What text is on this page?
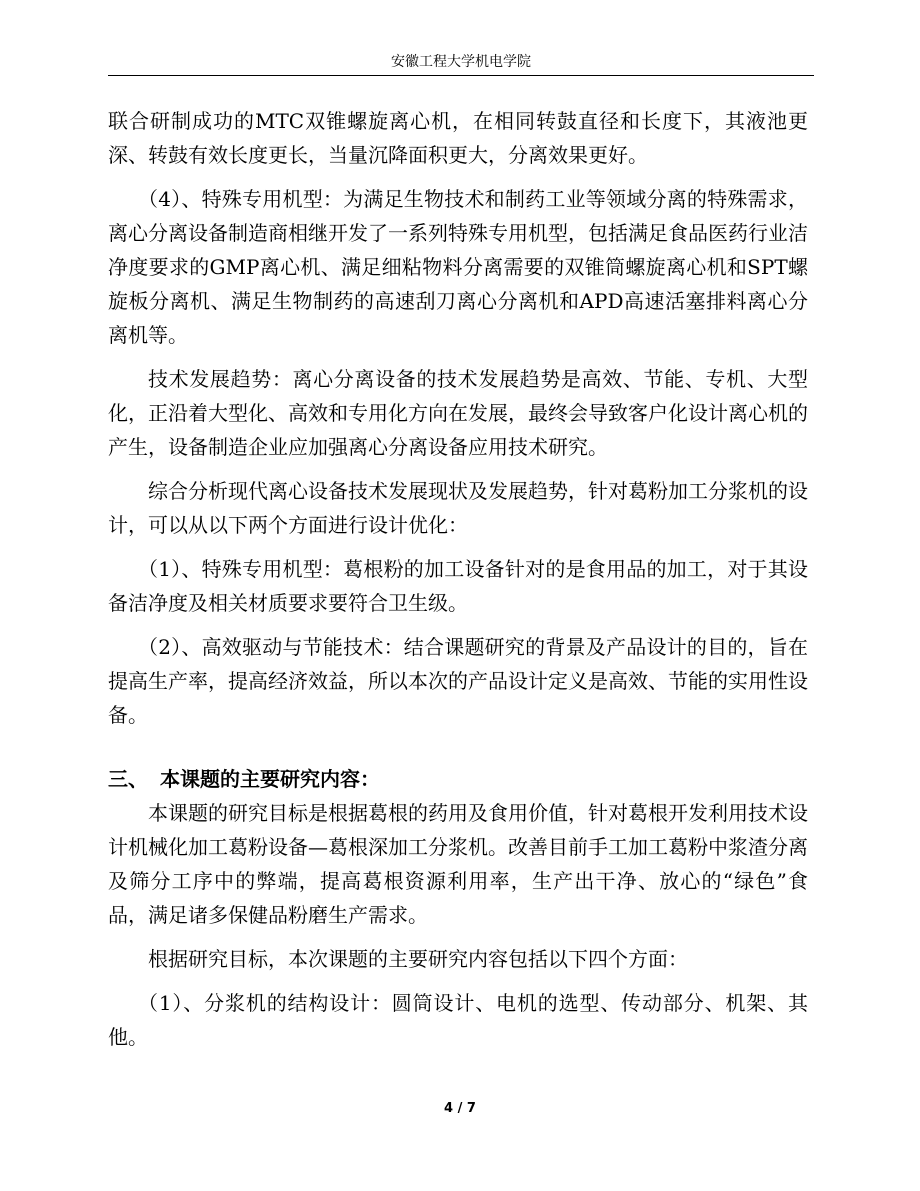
安徽工程大学机电学院

联合研制成功的MTC双锥螺旋离心机，在相同转鼓直径和长度下，其液池更深、转鼓有效长度更长，当量沉降面积更大，分离效果更好。

（4）、特殊专用机型：为满足生物技术和制药工业等领域分离的特殊需求，离心分离设备制造商相继开发了一系列特殊专用机型，包括满足食品医药行业洁净度要求的GMP离心机、满足细粘物料分离需要的双锥筒螺旋离心机和SPT螺旋板分离机、满足生物制药的高速刮刀离心分离机和APD高速活塞排料离心分离机等。

技术发展趋势：离心分离设备的技术发展趋势是高效、节能、专机、大型化，正沿着大型化、高效和专用化方向在发展，最终会导致客户化设计离心机的产生，设备制造企业应加强离心分离设备应用技术研究。

综合分析现代离心设备技术发展现状及发展趋势，针对葛粉加工分浆机的设计，可以从以下两个方面进行设计优化：

（1）、特殊专用机型：葛根粉的加工设备针对的是食用品的加工，对于其设备洁净度及相关材质要求要符合卫生级。

（2）、高效驱动与节能技术：结合课题研究的背景及产品设计的目的，旨在提高生产率，提高经济效益，所以本次的产品设计定义是高效、节能的实用性设备。

三、 本课题的主要研究内容：

本课题的研究目标是根据葛根的药用及食用价值，针对葛根开发利用技术设计机械化加工葛粉设备—葛根深加工分浆机。改善目前手工加工葛粉中浆渣分离及筛分工序中的弊端，提高葛根资源利用率，生产出干净、放心的“绿色”食品，满足诸多保健品粉磨生产需求。

根据研究目标，本次课题的主要研究内容包括以下四个方面：

（1）、分浆机的结构设计：圆筒设计、电机的选型、传动部分、机架、其他。

4 / 7
